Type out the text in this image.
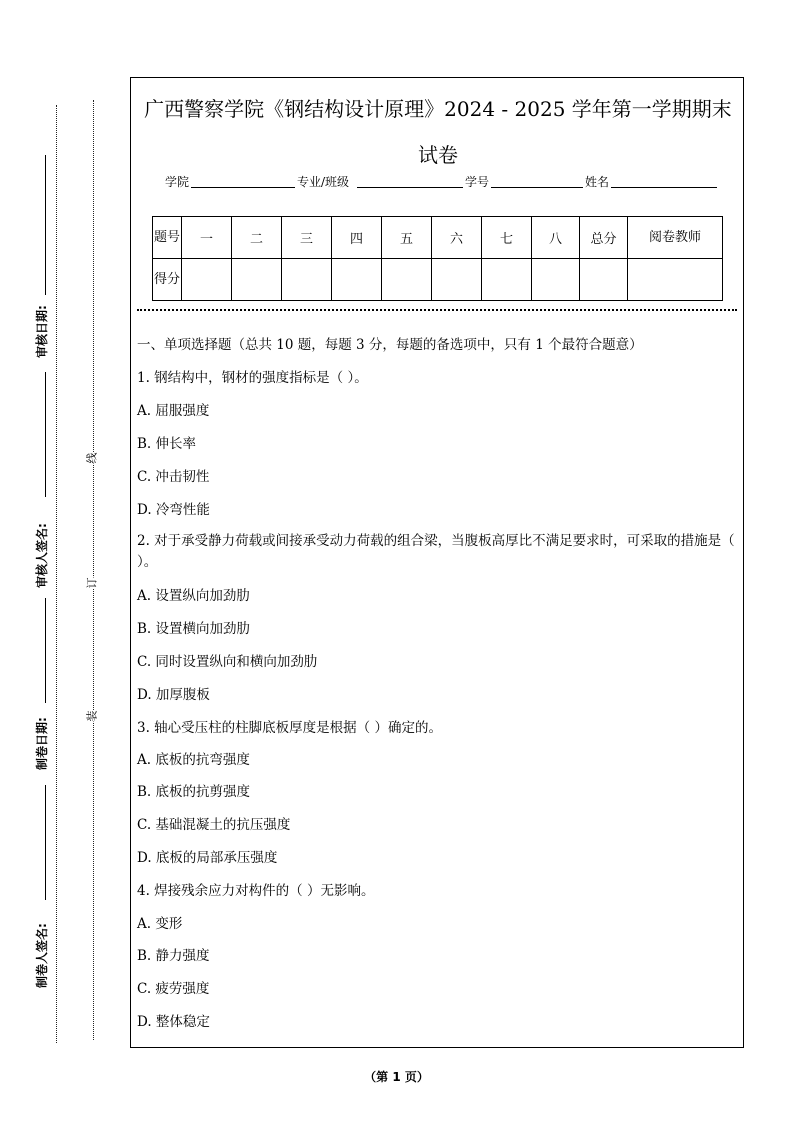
审核日期:
审核人签名:
制卷日期:
制卷人签名:
线
订
装
广西警察学院《钢结构设计原理》2024 - 2025 学年第一学期期末
试卷
学院	专业/班级	学号	姓名
题号	一	二	三	四	五	六	七	八	总分	阅卷教师
得分										
一、单项选择题（总共 10 题，每题 3 分，每题的备选项中，只有 1 个最符合题意）
1. 钢结构中，钢材的强度指标是（ ）。
A. 屈服强度
B. 伸长率
C. 冲击韧性
D. 冷弯性能
2. 对于承受静力荷载或间接承受动力荷载的组合梁，当腹板高厚比不满足要求时，可采取的措施是（ ）。
A. 设置纵向加劲肋
B. 设置横向加劲肋
C. 同时设置纵向和横向加劲肋
D. 加厚腹板
3. 轴心受压柱的柱脚底板厚度是根据（ ）确定的。
A. 底板的抗弯强度
B. 底板的抗剪强度
C. 基础混凝土的抗压强度
D. 底板的局部承压强度
4. 焊接残余应力对构件的（ ）无影响。
A. 变形
B. 静力强度
C. 疲劳强度
D. 整体稳定
（第 1 页）
